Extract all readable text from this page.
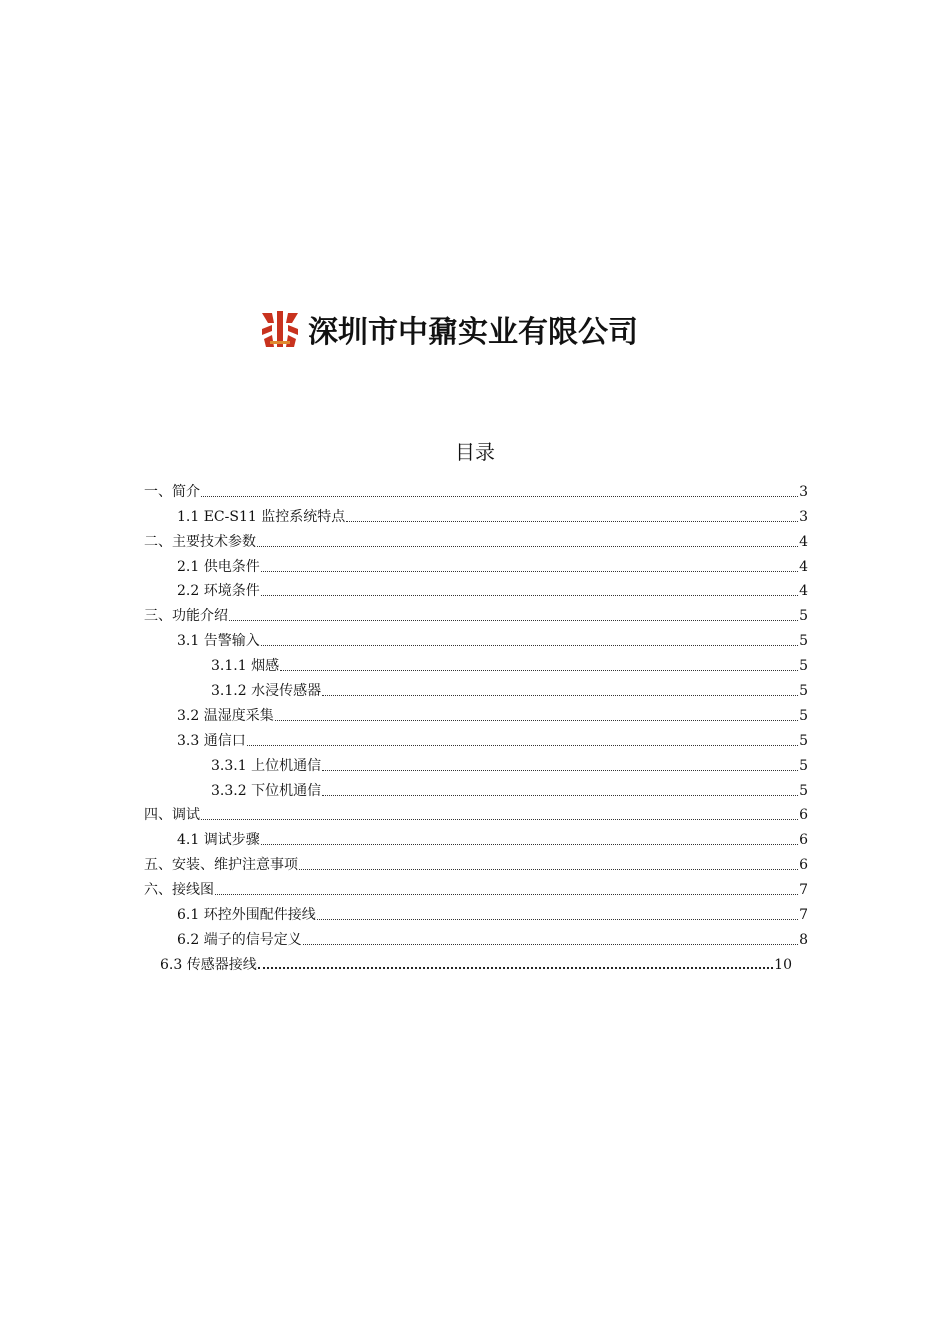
深圳市中鼐实业有限公司
目录
一、简介	3
1.1 EC-S11 监控系统特点	3
二、主要技术参数	4
2.1 供电条件	4
2.2 环境条件	4
三、功能介绍	5
3.1 告警输入	5
3.1.1 烟感	5
3.1.2 水浸传感器	5
3.2 温湿度采集	5
3.3 通信口	5
3.3.1 上位机通信	5
3.3.2 下位机通信	5
四、调试	6
4.1 调试步骤	6
五、安装、维护注意事项	6
六、接线图	7
6.1 环控外围配件接线	7
6.2 端子的信号定义	8
6.3 传感器接线	10
